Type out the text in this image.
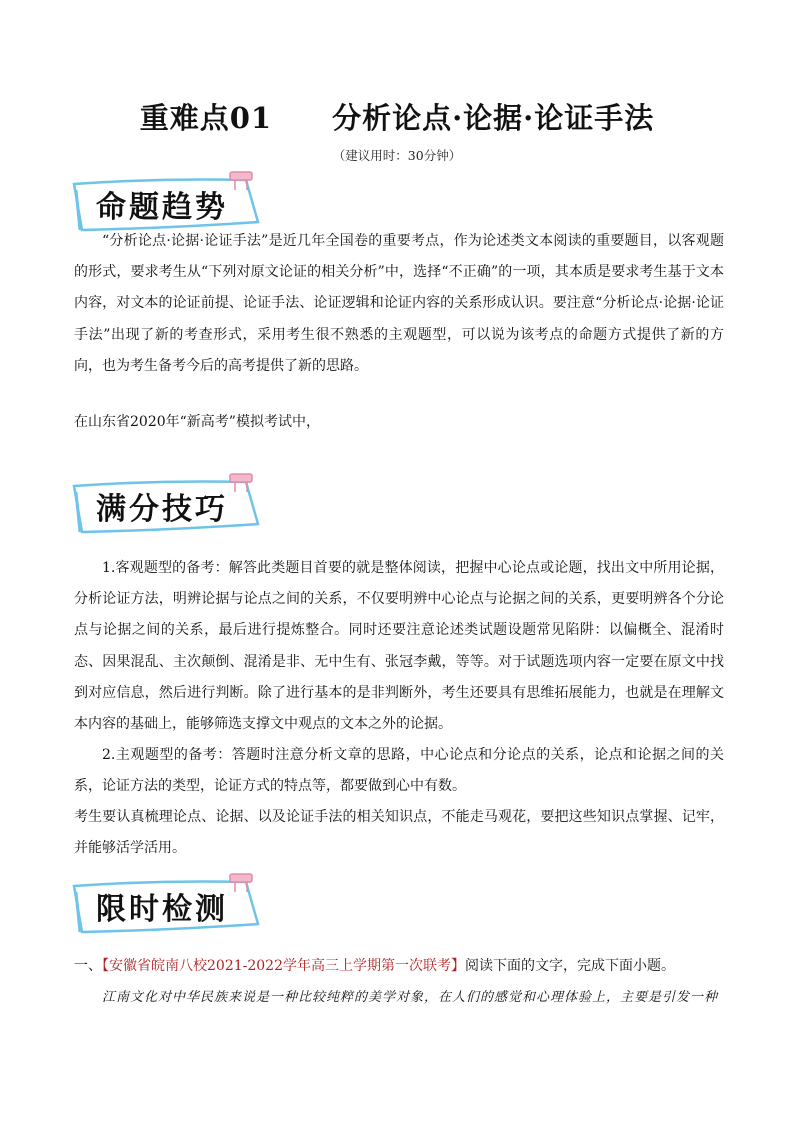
重难点01　　分析论点·论据·论证手法
（建议用时：30分钟）
命题趋势
“分析论点·论据·论证手法”是近几年全国卷的重要考点，作为论述类文本阅读的重要题目，以客观题的形式，要求考生从“下列对原文论证的相关分析”中，选择“不正确”的一项，其本质是要求考生基于文本内容，对文本的论证前提、论证手法、论证逻辑和论证内容的关系形成认识。要注意“分析论点·论据·论证手法”出现了新的考查形式，采用考生很不熟悉的主观题型，可以说为该考点的命题方式提供了新的方向，也为考生备考今后的高考提供了新的思路。
在山东省2020年“新高考”模拟考试中，
满分技巧
1.客观题型的备考：解答此类题目首要的就是整体阅读，把握中心论点或论题，找出文中所用论据，分析论证方法，明辨论据与论点之间的关系，不仅要明辨中心论点与论据之间的关系，更要明辨各个分论点与论据之间的关系，最后进行提炼整合。同时还要注意论述类试题设题常见陷阱：以偏概全、混淆时态、因果混乱、主次颠倒、混淆是非、无中生有、张冠李戴，等等。对于试题选项内容一定要在原文中找到对应信息，然后进行判断。除了进行基本的是非判断外，考生还要具有思维拓展能力，也就是在理解文本内容的基础上，能够筛选支撑文中观点的文本之外的论据。
2.主观题型的备考：答题时注意分析文章的思路，中心论点和分论点的关系，论点和论据之间的关系，论证方法的类型，论证方式的特点等，都要做到心中有数。
考生要认真梳理论点、论据、以及论证手法的相关知识点，不能走马观花，要把这些知识点掌握、记牢，并能够活学活用。
限时检测
一、【安徽省皖南八校2021-2022学年高三上学期第一次联考】阅读下面的文字，完成下面小题。
江南文化对中华民族来说是一种比较纯粹的美学对象，在人们的感觉和心理体验上，主要是引发一种
